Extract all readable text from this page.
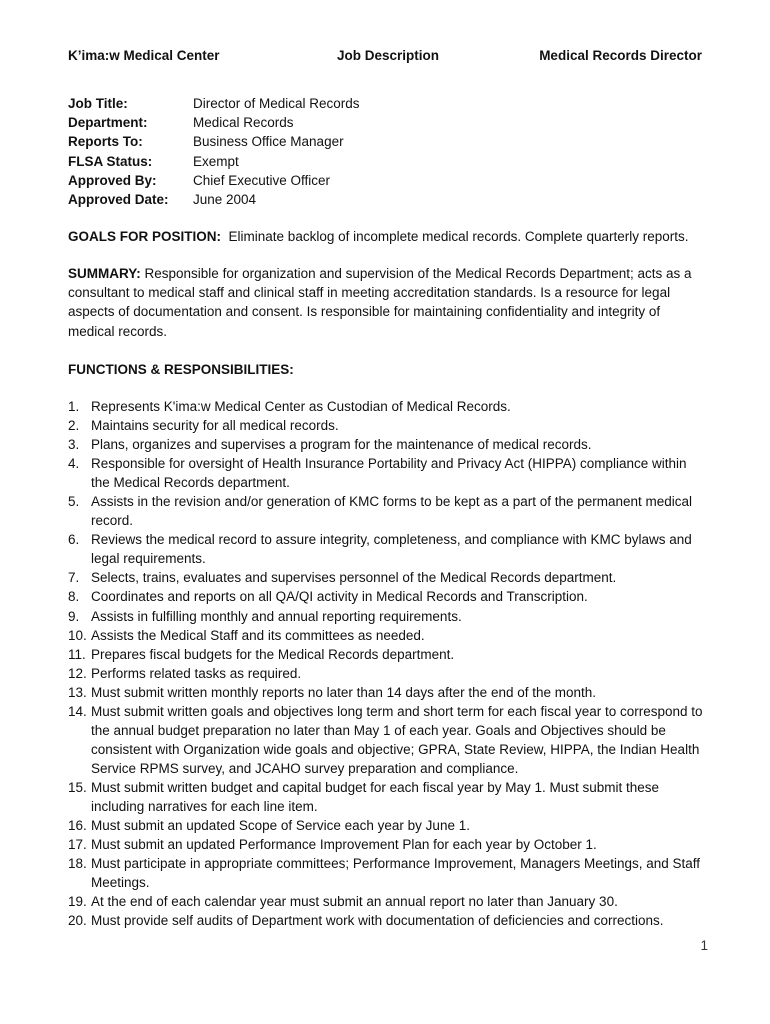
K’ima:w Medical Center	Job Description	Medical Records Director
Job Title:	Director of Medical Records
Department:	Medical Records
Reports To:	Business Office Manager
FLSA Status:	Exempt
Approved By:	Chief Executive Officer
Approved Date: June 2004
GOALS FOR POSITION: Eliminate backlog of incomplete medical records. Complete quarterly reports.
SUMMARY: Responsible for organization and supervision of the Medical Records Department; acts as a consultant to medical staff and clinical staff in meeting accreditation standards. Is a resource for legal aspects of documentation and consent. Is responsible for maintaining confidentiality and integrity of medical records.
FUNCTIONS & RESPONSIBILITIES:
1. Represents K'ima:w Medical Center as Custodian of Medical Records.
2. Maintains security for all medical records.
3. Plans, organizes and supervises a program for the maintenance of medical records.
4. Responsible for oversight of Health Insurance Portability and Privacy Act (HIPPA) compliance within the Medical Records department.
5. Assists in the revision and/or generation of KMC forms to be kept as a part of the permanent medical record.
6. Reviews the medical record to assure integrity, completeness, and compliance with KMC bylaws and legal requirements.
7. Selects, trains, evaluates and supervises personnel of the Medical Records department.
8. Coordinates and reports on all QA/QI activity in Medical Records and Transcription.
9. Assists in fulfilling monthly and annual reporting requirements.
10. Assists the Medical Staff and its committees as needed.
11. Prepares fiscal budgets for the Medical Records department.
12. Performs related tasks as required.
13. Must submit written monthly reports no later than 14 days after the end of the month.
14. Must submit written goals and objectives long term and short term for each fiscal year to correspond to the annual budget preparation no later than May 1 of each year. Goals and Objectives should be consistent with Organization wide goals and objective; GPRA, State Review, HIPPA, the Indian Health Service RPMS survey, and JCAHO survey preparation and compliance.
15. Must submit written budget and capital budget for each fiscal year by May 1. Must submit these including narratives for each line item.
16. Must submit an updated Scope of Service each year by June 1.
17. Must submit an updated Performance Improvement Plan for each year by October 1.
18. Must participate in appropriate committees; Performance Improvement, Managers Meetings, and Staff Meetings.
19. At the end of each calendar year must submit an annual report no later than January 30.
20. Must provide self audits of Department work with documentation of deficiencies and corrections.
1
